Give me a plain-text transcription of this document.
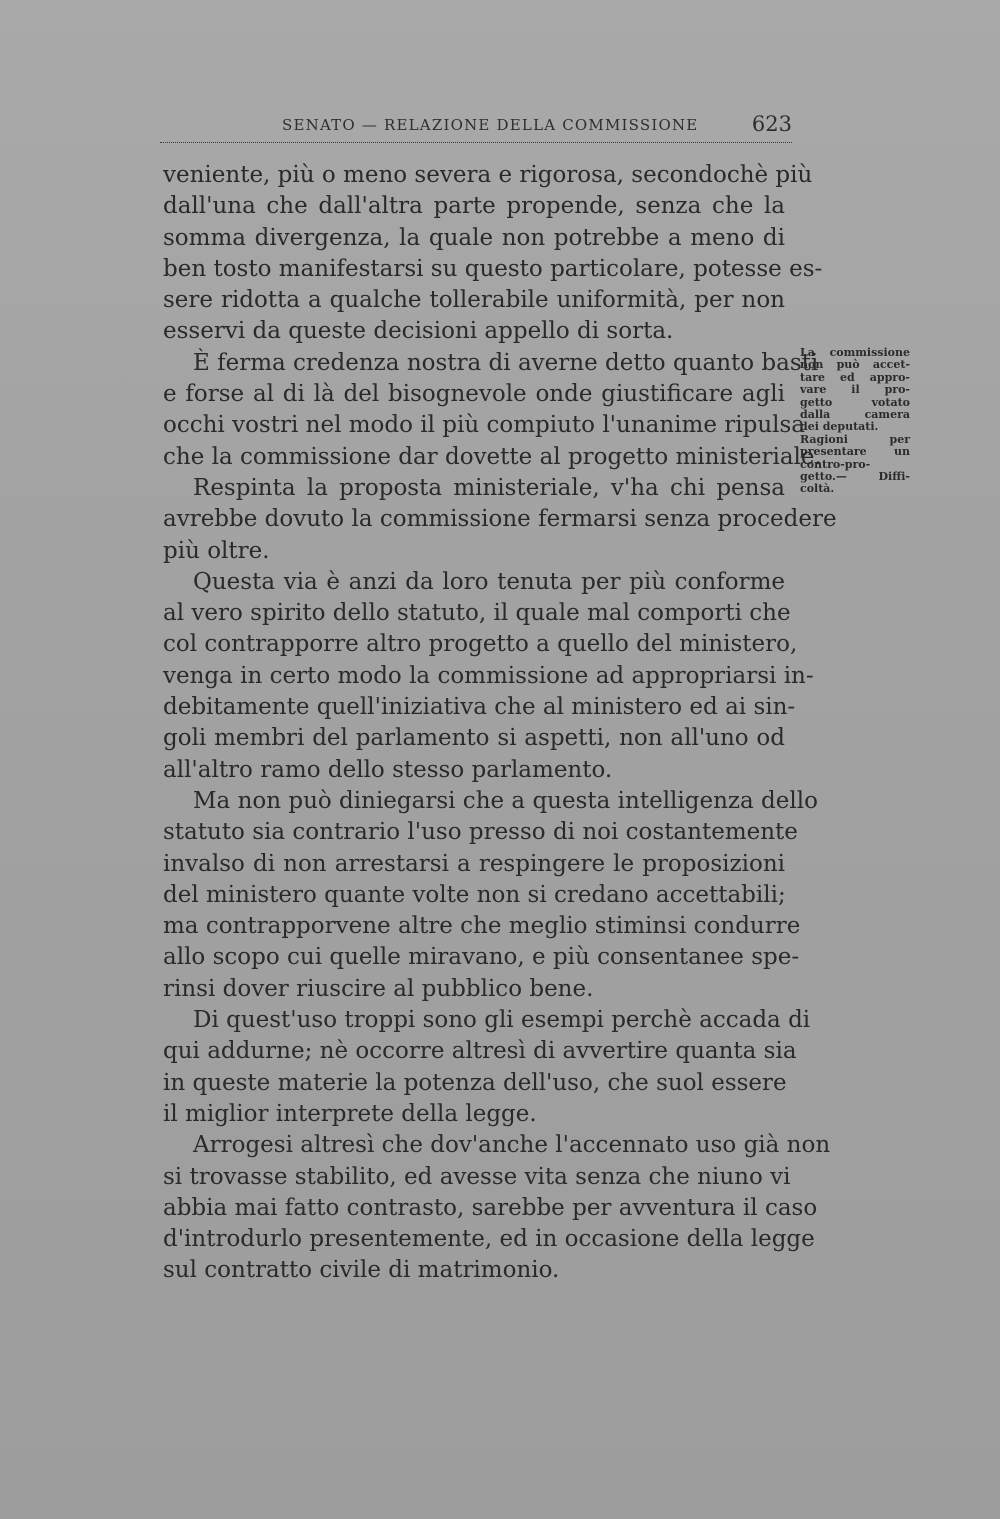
SENATO — RELAZIONE DELLA COMMISSIONE	623
veniente, più o meno severa e rigorosa, secondochè più
dall'una che dall'altra parte propende, senza che la
somma divergenza, la quale non potrebbe a meno di
ben tosto manifestarsi su questo particolare, potesse es-
sere ridotta a qualche tollerabile uniformità, per non
esservi da queste decisioni appello di sorta.
È ferma credenza nostra di averne detto quanto basti
e forse al di là del bisognevole onde giustificare agli
occhi vostri nel modo il più compiuto l'unanime ripulsa
che la commissione dar dovette al progetto ministeriale.
Respinta la proposta ministeriale, v'ha chi pensa
avrebbe dovuto la commissione fermarsi senza procedere
più oltre.
Questa via è anzi da loro tenuta per più conforme
al vero spirito dello statuto, il quale mal comporti che
col contrapporre altro progetto a quello del ministero,
venga in certo modo la commissione ad appropriarsi in-
debitamente quell'iniziativa che al ministero ed ai sin-
goli membri del parlamento si aspetti, non all'uno od
all'altro ramo dello stesso parlamento.
Ma non può diniegarsi che a questa intelligenza dello
statuto sia contrario l'uso presso di noi costantemente
invalso di non arrestarsi a respingere le proposizioni
del ministero quante volte non si credano accettabili;
ma contrapporvene altre che meglio stiminsi condurre
allo scopo cui quelle miravano, e più consentanee spe-
rinsi dover riuscire al pubblico bene.
Di quest'uso troppi sono gli esempi perchè accada di
qui addurne; nè occorre altresì di avvertire quanta sia
in queste materie la potenza dell'uso, che suol essere
il miglior interprete della legge.
Arrogesi altresì che dov'anche l'accennato uso già non
si trovasse stabilito, ed avesse vita senza che niuno vi
abbia mai fatto contrasto, sarebbe per avventura il caso
d'introdurlo presentemente, ed in occasione della legge
sul contratto civile di matrimonio.
La commissione
non può accet-
tare ed appro-
vare il pro-
getto votato
dalla camera
dei deputati.
Ragioni per
presentare un
contro-pro-
getto.— Diffi-
coltà.
